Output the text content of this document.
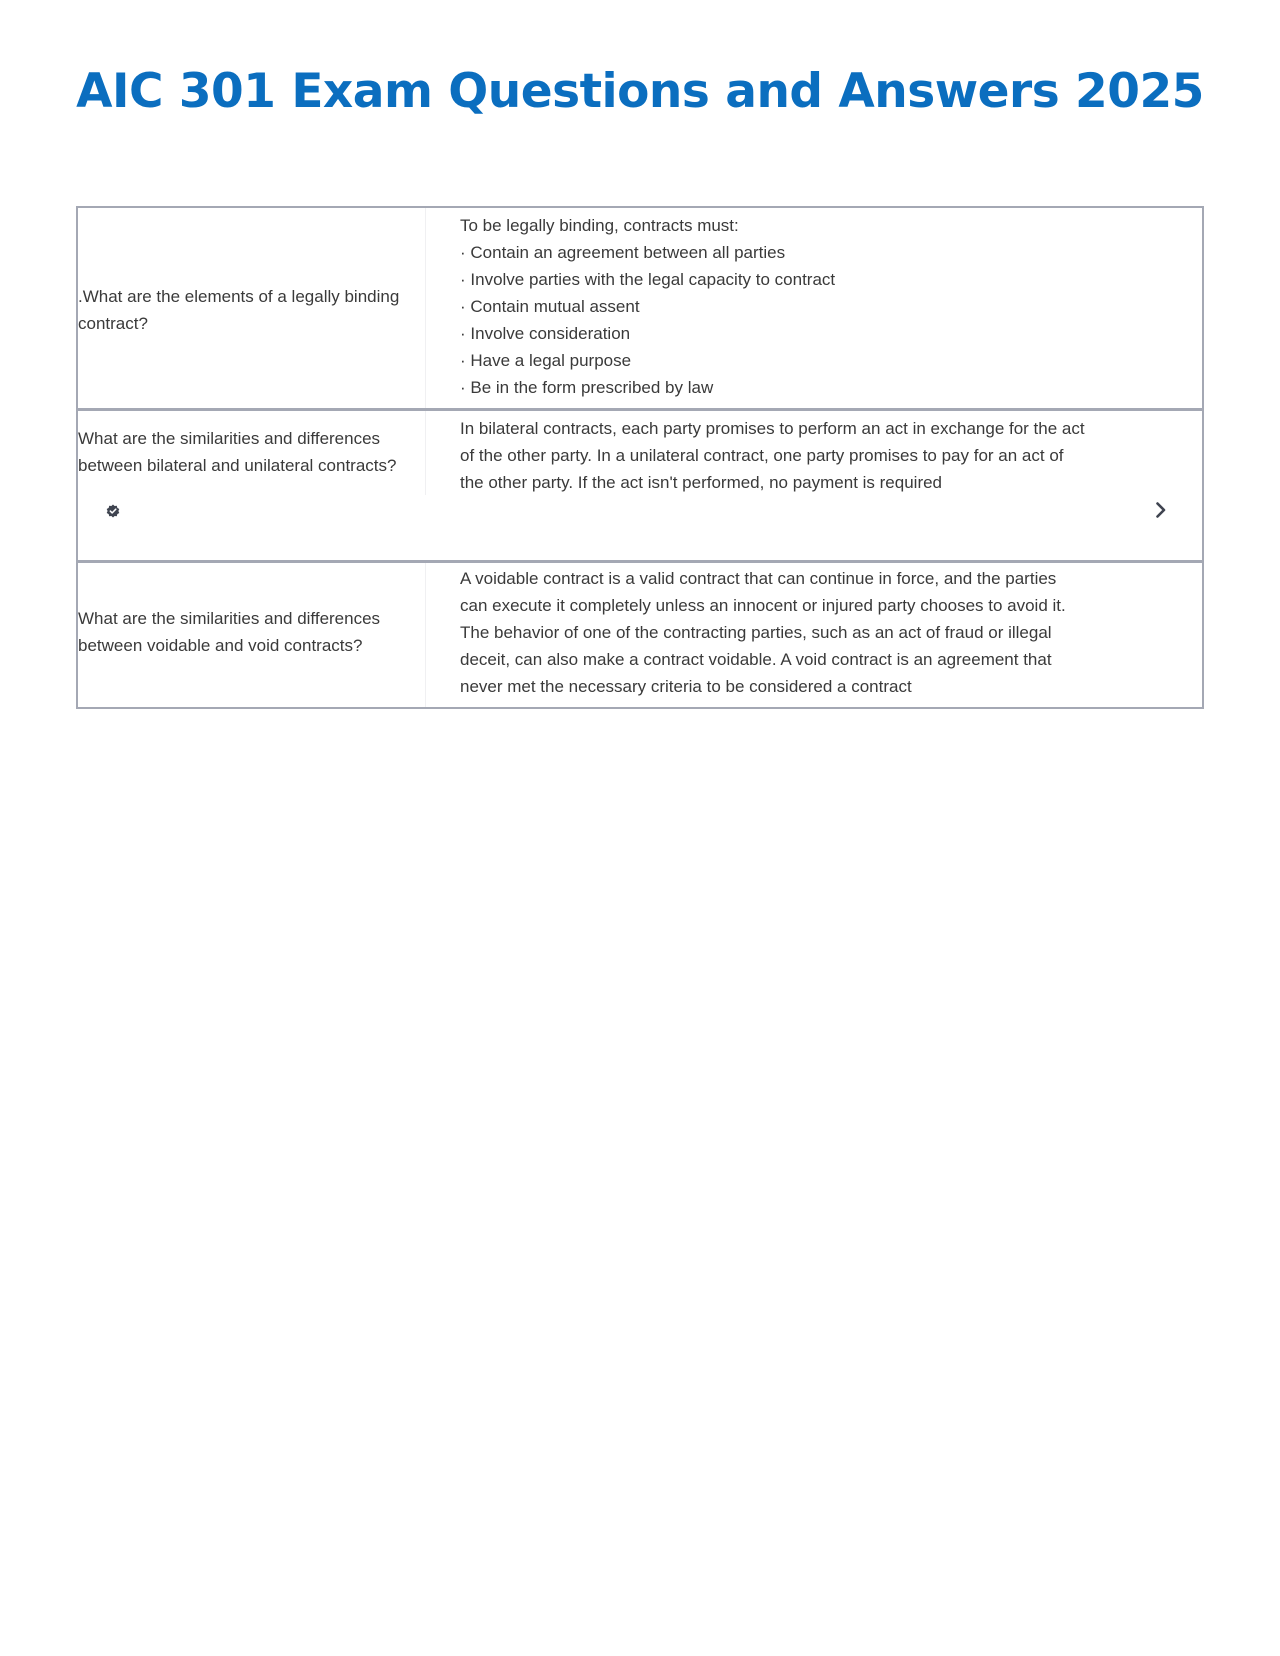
AIC 301 Exam Questions and Answers 2025
.What are the elements of a legally binding contract?

To be legally binding, contracts must:

· Contain an agreement between all parties
· Involve parties with the legal capacity to contract
· Contain mutual assent
· Involve consideration
· Have a legal purpose
· Be in the form prescribed by law
What are the similarities and differences between bilateral and unilateral contracts?

In bilateral contracts, each party promises to perform an act in exchange for the act of the other party. In a unilateral contract, one party promises to pay for an act of the other party. If the act isn't performed, no payment is required

What are the similarities and differences between voidable and void contracts?

A voidable contract is a valid contract that can continue in force, and the parties can execute it completely unless an innocent or injured party chooses to avoid it. The behavior of one of the contracting parties, such as an act of fraud or illegal deceit, can also make a contract voidable. A void contract is an agreement that never met the necessary criteria to be considered a contract
